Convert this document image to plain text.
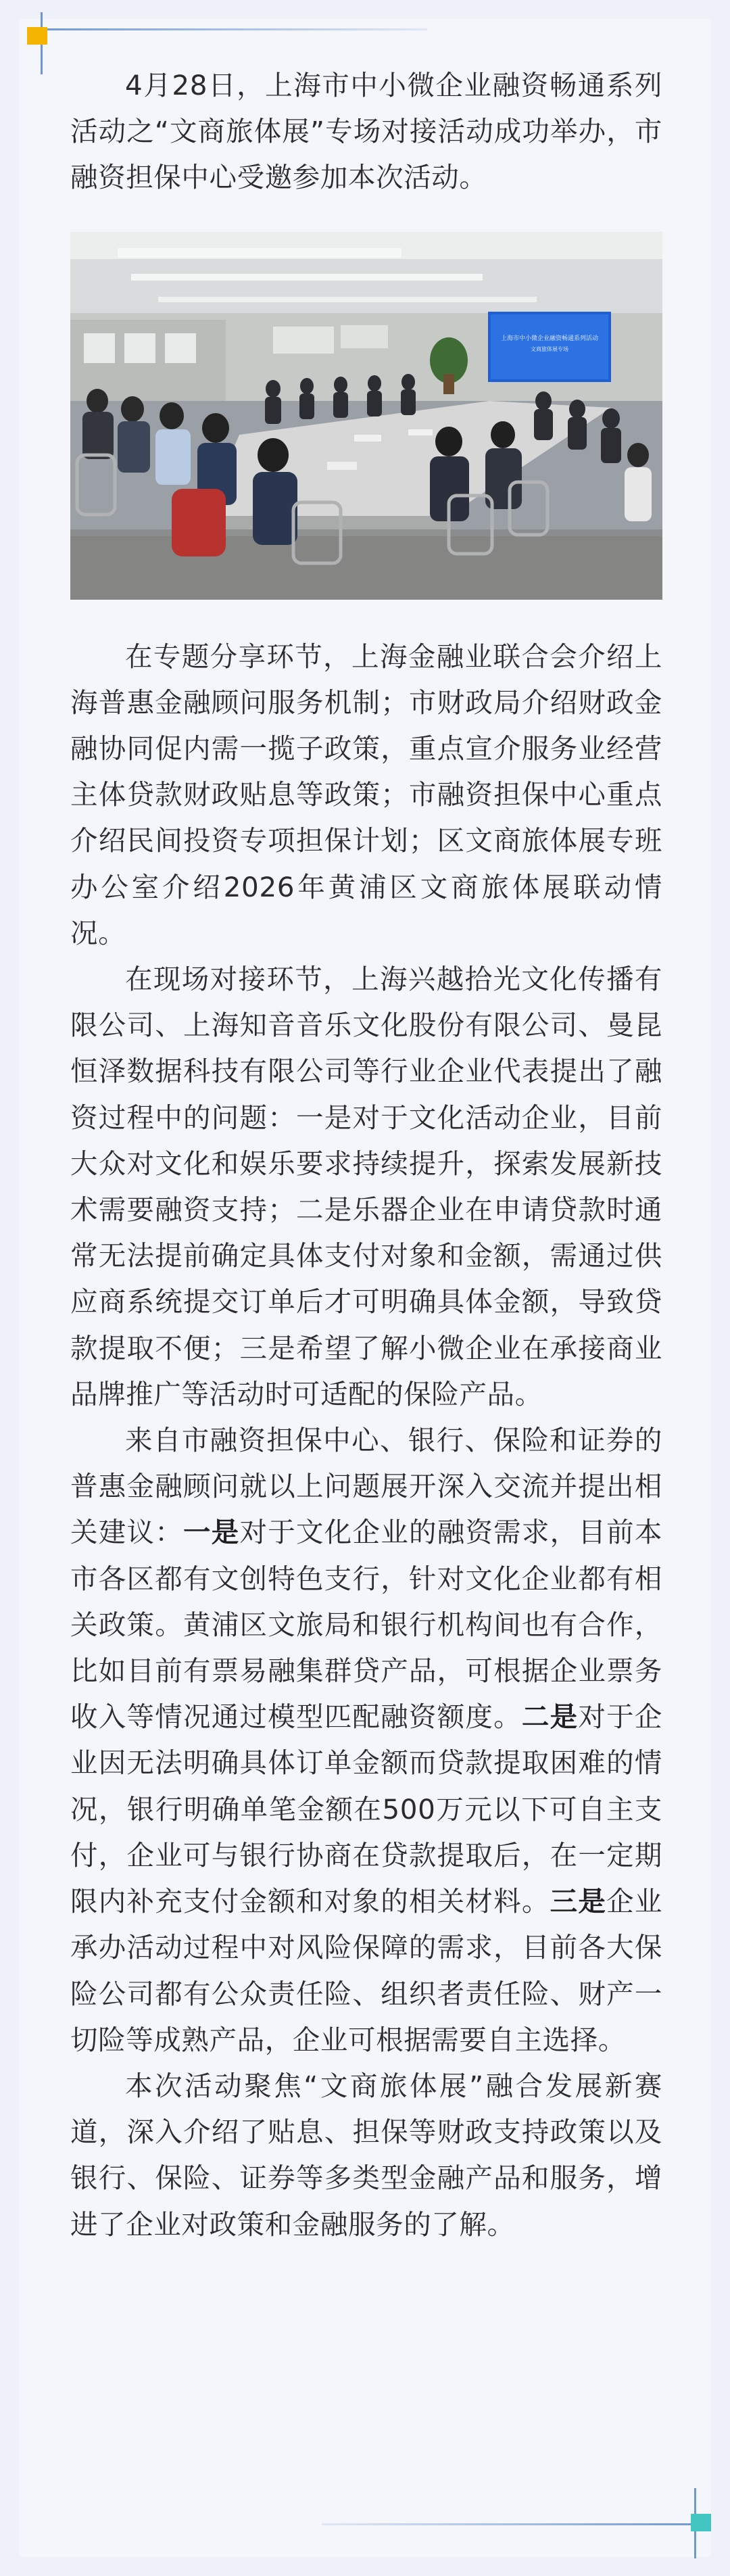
4月28日，上海市中小微企业融资畅通系列活动之“文商旅体展”专场对接活动成功举办，市融资担保中心受邀参加本次活动。

上海市中小微企业融资畅通系列活动
文商旅体展专场

在专题分享环节，上海金融业联合会介绍上海普惠金融顾问服务机制；市财政局介绍财政金融协同促内需一揽子政策，重点宣介服务业经营主体贷款财政贴息等政策；市融资担保中心重点介绍民间投资专项担保计划；区文商旅体展专班办公室介绍2026年黄浦区文商旅体展联动情况。

在现场对接环节，上海兴越拾光文化传播有限公司、上海知音音乐文化股份有限公司、曼昆恒泽数据科技有限公司等行业企业代表提出了融资过程中的问题：一是对于文化活动企业，目前大众对文化和娱乐要求持续提升，探索发展新技术需要融资支持；二是乐器企业在申请贷款时通常无法提前确定具体支付对象和金额，需通过供应商系统提交订单后才可明确具体金额，导致贷款提取不便；三是希望了解小微企业在承接商业品牌推广等活动时可适配的保险产品。

来自市融资担保中心、银行、保险和证券的普惠金融顾问就以上问题展开深入交流并提出相关建议：一是对于文化企业的融资需求，目前本市各区都有文创特色支行，针对文化企业都有相关政策。黄浦区文旅局和银行机构间也有合作，比如目前有票易融集群贷产品，可根据企业票务收入等情况通过模型匹配融资额度。二是对于企业因无法明确具体订单金额而贷款提取困难的情况，银行明确单笔金额在500万元以下可自主支付，企业可与银行协商在贷款提取后，在一定期限内补充支付金额和对象的相关材料。三是企业承办活动过程中对风险保障的需求，目前各大保险公司都有公众责任险、组织者责任险、财产一切险等成熟产品，企业可根据需要自主选择。

本次活动聚焦“文商旅体展”融合发展新赛道，深入介绍了贴息、担保等财政支持政策以及银行、保险、证券等多类型金融产品和服务，增进了企业对政策和金融服务的了解。
